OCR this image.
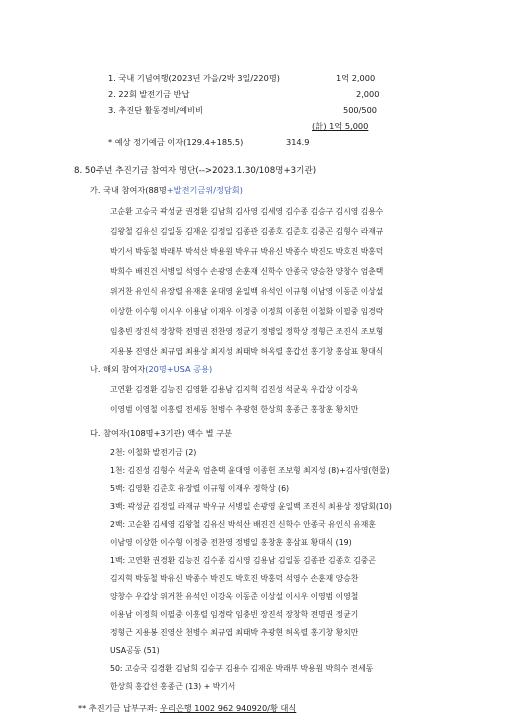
1. 국내 기념여행(2023년 가을/2박 3일/220명)	1억 2,000
2. 22회 발전기금 반납	2,000
3. 추진단 활동경비/예비비	500/500
(計) 1억 5,000
* 예상 정기예금 이자(129.4+185.5)	314.9
8. 50주년 추진기금 참여자 명단(-->2023.1.30/108명+3기관)
가. 국내 참여자(88명+발전기금위/정담회)
고순환 고승국 곽성균 권경환 김남희 김사영 김세영 김수종 김승구 김시영 김용수
김왕철 김유신 김일동 김재운 김정일 김종관 김종호 김준호 김중곤 김형수 라재규
박기서 박동철 박래부 박석산 박용원 박우규 박유신 박종수 박진도 박호진 박홍덕
박희수 배진건 서병일 석영수 손광영 손훈재 신학수 안종국 양승찬 양창수 엄춘택
위거찬 유인식 유장렬 유재훈 윤대영 윤일백 유석인 이규형 이남영 이동준 이상설
이상한 이수형 이시우 이용남 이재우 이정중 이정희 이종헌 이철화 이필중 임경락
임충빈 장진석 장창학 전명권 전찬영 정균기 정병일 정학상 정형근 조진식 조보형
지용봉 진영산 최규엽 최용상 최지성 최태박 허옥렬 홍갑선 홍기창 홍삼표 황대식
나. 해외 참여자(20명+USA 공용)
고연환 김경환 김능진 김영환 김용남 김지혁 김진성 석균욱 우갑상 이강욱
이영범 이영철 이흥렬 전세동 천병수 추광현 한상희 홍종근 홍창훈 황치만
다. 참여자(108명+3기관) 액수 별 구분
2천: 이철화 발전기금 (2)
1천: 김진성 김형수 석균욱 엄춘택 윤대영 이종헌 조보형 최지성 (8)+김사영(현물)
5백: 김영환 김준호 유장렬 이규형 이재우 정학상 (6)
3백: 곽성균 김정일 라재규 박우규 서병일 손광영 윤일백 조진식 최용상 정담회(10)
2백: 고순환 김세영 김왕철 김유신 박석산 배진건 신학수 안종국 유인식 유재훈
이남영 이상한 이수형 이정중 전찬영 정병일 홍창훈 홍삼표 황대식 (19)
1백: 고연환 권경환 김능진 김수종 김시영 김용남 김일동 김종관 김종호 김중곤
김지혁 박동철 박유신 박종수 박진도 박호진 박홍덕 석영수 손훈재 양승찬
양창수 우갑상 위거찬 유석인 이강욱 이동준 이상설 이시우 이영범 이영철
이용남 이정희 이필중 이흥렬 임경락 임충빈 장진석 장창학 전명권 정균기
정형근 지용봉 진영산 천병수 최규엽 최태박 추광현 허옥렬 홍기창 황치만
USA공동 (51)
50: 고승국 김경환 김남희 김승구 김용수 김재운 박래부 박용원 박희수 전세동
한상희 홍갑선 홍종근 (13) + 박기서
** 추진기금 납부구좌: 우리은행 1002 962 940920/황 대식
